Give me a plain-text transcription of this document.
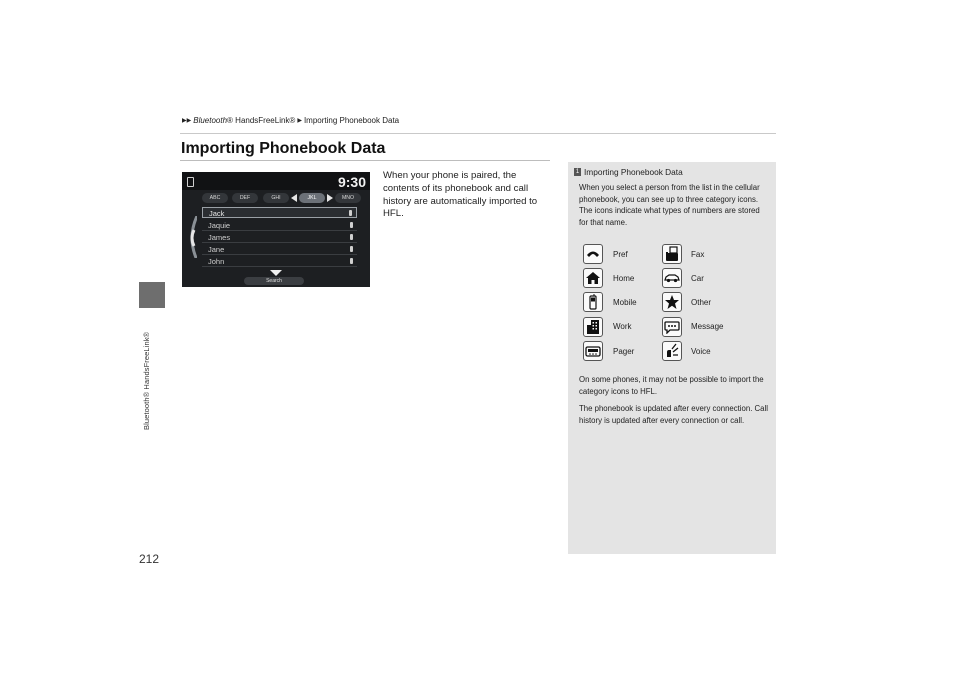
Bluetooth® HandsFreeLink®
212
▶▶ Bluetooth ® HandsFreeLink® ▶ Importing Phonebook Data
Importing Phonebook Data
When your phone is paired, the contents of its phonebook and call history are automatically imported to HFL.
9:30
ABC	DEF	GHI	JKL	MNO
Jack
Jaquie
James
Jane
John
Search
1 Importing Phonebook Data
When you select a person from the list in the cellular phonebook, you can see up to three category icons. The icons indicate what types of numbers are stored for that name.
Pref	Fax
Home	Car
Mobile	Other
Work	Message
Pager	Voice
On some phones, it may not be possible to import the category icons to HFL.
The phonebook is updated after every connection. Call history is updated after every connection or call.
